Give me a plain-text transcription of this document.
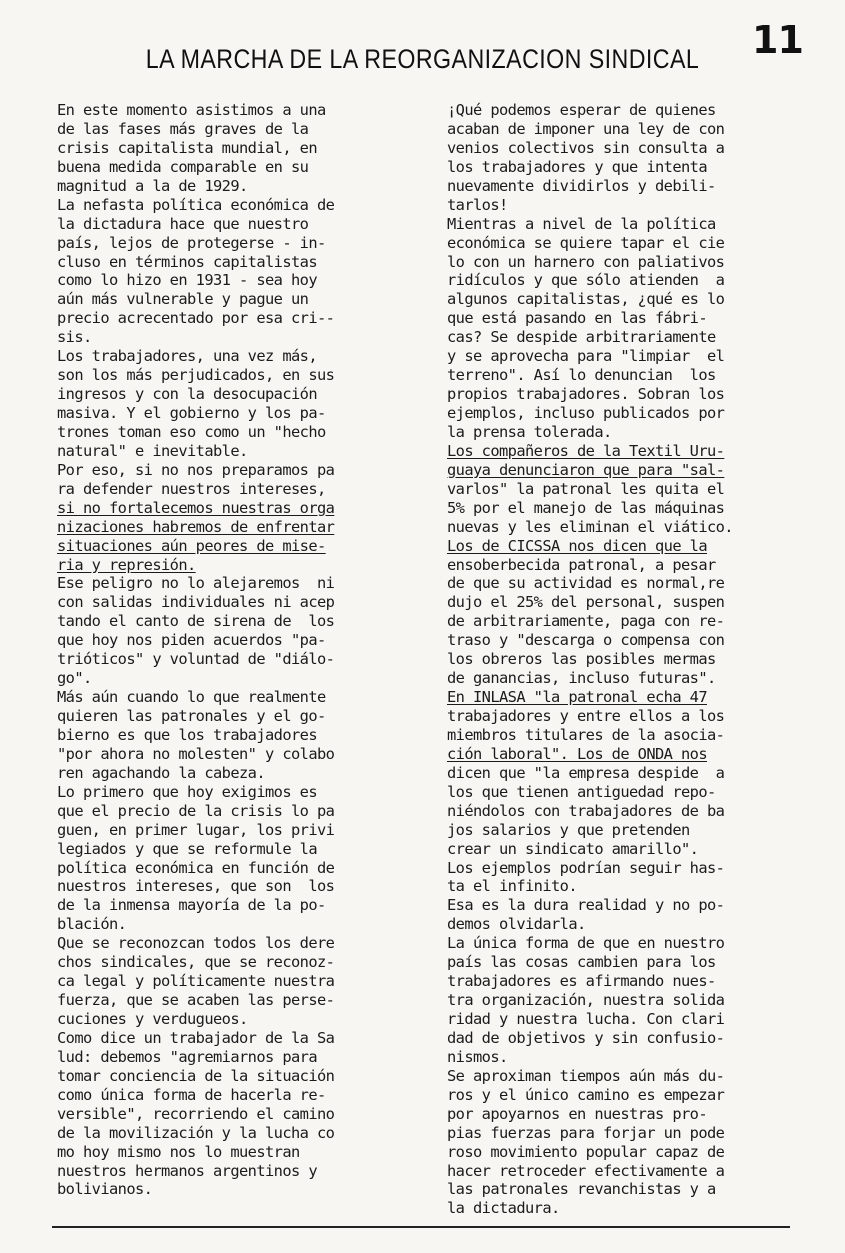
LA MARCHA DE LA REORGANIZACION SINDICAL	11
En este momento asistimos a una
de las fases más graves de la
crisis capitalista mundial, en
buena medida comparable en su
magnitud a la de 1929.
La nefasta política económica de
la dictadura hace que nuestro
país, lejos de protegerse - in-
cluso en términos capitalistas
como lo hizo en 1931 - sea hoy
aún más vulnerable y pague un
precio acrecentado por esa cri--
sis.
Los trabajadores, una vez más,
son los más perjudicados, en sus
ingresos y con la desocupación
masiva. Y el gobierno y los pa-
trones toman eso como un "hecho
natural" e inevitable.
Por eso, si no nos preparamos pa
ra defender nuestros intereses,
si no fortalecemos nuestras orga
nizaciones habremos de enfrentar
situaciones aún peores de mise-
ria y represión.
Ese peligro no lo alejaremos  ni
con salidas individuales ni acep
tando el canto de sirena de  los
que hoy nos piden acuerdos "pa-
trióticos" y voluntad de "diálo-
go".
Más aún cuando lo que realmente
quieren las patronales y el go-
bierno es que los trabajadores
"por ahora no molesten" y colabo
ren agachando la cabeza.
Lo primero que hoy exigimos es
que el precio de la crisis lo pa
guen, en primer lugar, los privi
legiados y que se reformule la
política económica en función de
nuestros intereses, que son  los
de la inmensa mayoría de la po-
blación.
Que se reconozcan todos los dere
chos sindicales, que se reconoz-
ca legal y políticamente nuestra
fuerza, que se acaben las perse-
cuciones y verdugueos.
Como dice un trabajador de la Sa
lud: debemos "agremiarnos para
tomar conciencia de la situación
como única forma de hacerla re-
versible", recorriendo el camino
de la movilización y la lucha co
mo hoy mismo nos lo muestran
nuestros hermanos argentinos y
bolivianos.
¡Qué podemos esperar de quienes
acaban de imponer una ley de con
venios colectivos sin consulta a
los trabajadores y que intenta
nuevamente dividirlos y debili-
tarlos!
Mientras a nivel de la política
económica se quiere tapar el cie
lo con un harnero con paliativos
ridículos y que sólo atienden  a
algunos capitalistas, ¿qué es lo
que está pasando en las fábri-
cas? Se despide arbitrariamente
y se aprovecha para "limpiar  el
terreno". Así lo denuncian  los
propios trabajadores. Sobran los
ejemplos, incluso publicados por
la prensa tolerada.
Los compañeros de la Textil Uru-
guaya denunciaron que para "sal-
varlos" la patronal les quita el
5% por el manejo de las máquinas
nuevas y les eliminan el viático.
Los de CICSSA nos dicen que la
ensoberbecida patronal, a pesar
de que su actividad es normal,re
dujo el 25% del personal, suspen
de arbitrariamente, paga con re-
traso y "descarga o compensa con
los obreros las posibles mermas
de ganancias, incluso futuras".
En INLASA "la patronal echa 47
trabajadores y entre ellos a los
miembros titulares de la asocia-
ción laboral". Los de ONDA nos
dicen que "la empresa despide  a
los que tienen antiguedad repo-
niéndolos con trabajadores de ba
jos salarios y que pretenden
crear un sindicato amarillo".
Los ejemplos podrían seguir has-
ta el infinito.
Esa es la dura realidad y no po-
demos olvidarla.
La única forma de que en nuestro
país las cosas cambien para los
trabajadores es afirmando nues-
tra organización, nuestra solida
ridad y nuestra lucha. Con clari
dad de objetivos y sin confusio-
nismos.
Se aproximan tiempos aún más du-
ros y el único camino es empezar
por apoyarnos en nuestras pro-
pias fuerzas para forjar un pode
roso movimiento popular capaz de
hacer retroceder efectivamente a
las patronales revanchistas y a
la dictadura.
